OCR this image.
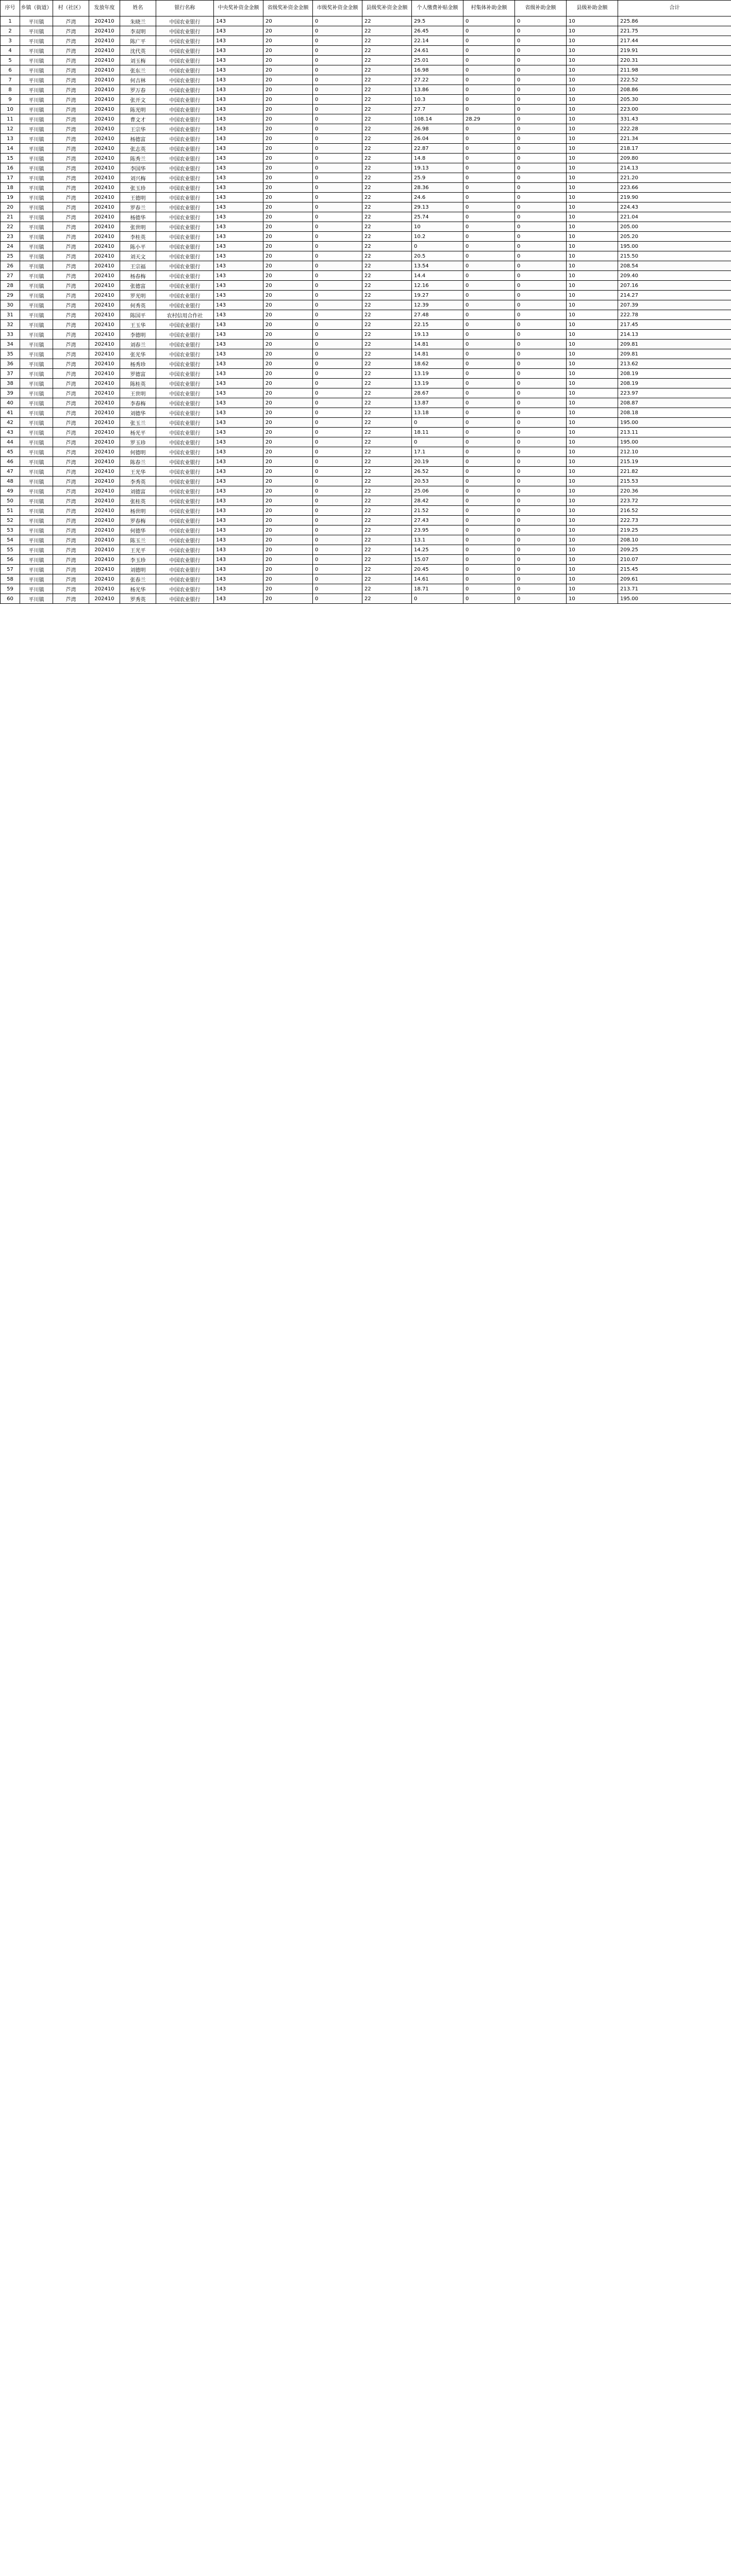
序号	乡镇（街道）	村（社区）	发放年度	姓名	银行名称	中央奖补资金金额	省级奖补资金金额	市级奖补资金金额	县级奖补资金金额	个人缴费补贴金额	村集体补助金额	省级补助金额	县级补助金额	合计
1	平川镇	芦湾	202410	朱晓兰	中国农业银行	143	20	0	22	29.5	0	0	10	225.86
2	平川镇	芦湾	202410	李双明	中国农业银行	143	20	0	22	26.45	0	0	10	221.75
3	平川镇	芦湾	202410	陈广平	中国农业银行	143	20	0	22	22.14	0	0	10	217.44
4	平川镇	芦湾	202410	沈代英	中国农业银行	143	20	0	22	24.61	0	0	10	219.91
5	平川镇	芦湾	202410	刘玉梅	中国农业银行	143	20	0	22	25.01	0	0	10	220.31
6	平川镇	芦湾	202410	张东兰	中国农业银行	143	20	0	22	16.98	0	0	10	211.98
7	平川镇	芦湾	202410	何吉林	中国农业银行	143	20	0	22	27.22	0	0	10	222.52
8	平川镇	芦湾	202410	罗万春	中国农业银行	143	20	0	22	13.86	0	0	10	208.86
9	平川镇	芦湾	202410	张开文	中国农业银行	143	20	0	22	10.3	0	0	10	205.30
10	平川镇	芦湾	202410	陈光明	中国农业银行	143	20	0	22	27.7	0	0	10	223.00
11	平川镇	芦湾	202410	曹文才	中国农业银行	143	20	0	22	108.14	28.29	0	10	331.43
12	平川镇	芦湾	202410	王宗华	中国农业银行	143	20	0	22	26.98	0	0	10	222.28
13	平川镇	芦湾	202410	杨德富	中国农业银行	143	20	0	22	26.04	0	0	10	221.34
14	平川镇	芦湾	202410	张志英	中国农业银行	143	20	0	22	22.87	0	0	10	218.17
15	平川镇	芦湾	202410	陈秀兰	中国农业银行	143	20	0	22	14.8	0	0	10	209.80
16	平川镇	芦湾	202410	李国华	中国农业银行	143	20	0	22	19.13	0	0	10	214.13
17	平川镇	芦湾	202410	刘兴梅	中国农业银行	143	20	0	22	25.9	0	0	10	221.20
18	平川镇	芦湾	202410	张玉珍	中国农业银行	143	20	0	22	28.36	0	0	10	223.66
19	平川镇	芦湾	202410	王德明	中国农业银行	143	20	0	22	24.6	0	0	10	219.90
20	平川镇	芦湾	202410	罗春兰	中国农业银行	143	20	0	22	29.13	0	0	10	224.43
21	平川镇	芦湾	202410	杨德华	中国农业银行	143	20	0	22	25.74	0	0	10	221.04
22	平川镇	芦湾	202410	张世明	中国农业银行	143	20	0	22	10	0	0	10	205.00
23	平川镇	芦湾	202410	李桂英	中国农业银行	143	20	0	22	10.2	0	0	10	205.20
24	平川镇	芦湾	202410	陈小平	中国农业银行	143	20	0	22	0	0	0	10	195.00
25	平川镇	芦湾	202410	刘天文	中国农业银行	143	20	0	22	20.5	0	0	10	215.50
26	平川镇	芦湾	202410	王宗福	中国农业银行	143	20	0	22	13.54	0	0	10	208.54
27	平川镇	芦湾	202410	杨春梅	中国农业银行	143	20	0	22	14.4	0	0	10	209.40
28	平川镇	芦湾	202410	张德富	中国农业银行	143	20	0	22	12.16	0	0	10	207.16
29	平川镇	芦湾	202410	罗光明	中国农业银行	143	20	0	22	19.27	0	0	10	214.27
30	平川镇	芦湾	202410	何秀英	中国农业银行	143	20	0	22	12.39	0	0	10	207.39
31	平川镇	芦湾	202410	陈国平	农村信用合作社	143	20	0	22	27.48	0	0	10	222.78
32	平川镇	芦湾	202410	王玉华	中国农业银行	143	20	0	22	22.15	0	0	10	217.45
33	平川镇	芦湾	202410	李德明	中国农业银行	143	20	0	22	19.13	0	0	10	214.13
34	平川镇	芦湾	202410	刘春兰	中国农业银行	143	20	0	22	14.81	0	0	10	209.81
35	平川镇	芦湾	202410	张光华	中国农业银行	143	20	0	22	14.81	0	0	10	209.81
36	平川镇	芦湾	202410	杨秀珍	中国农业银行	143	20	0	22	18.62	0	0	10	213.62
37	平川镇	芦湾	202410	罗德富	中国农业银行	143	20	0	22	13.19	0	0	10	208.19
38	平川镇	芦湾	202410	陈桂英	中国农业银行	143	20	0	22	13.19	0	0	10	208.19
39	平川镇	芦湾	202410	王世明	中国农业银行	143	20	0	22	28.67	0	0	10	223.97
40	平川镇	芦湾	202410	李春梅	中国农业银行	143	20	0	22	13.87	0	0	10	208.87
41	平川镇	芦湾	202410	刘德华	中国农业银行	143	20	0	22	13.18	0	0	10	208.18
42	平川镇	芦湾	202410	张玉兰	中国农业银行	143	20	0	22	0	0	0	10	195.00
43	平川镇	芦湾	202410	杨光平	中国农业银行	143	20	0	22	18.11	0	0	10	213.11
44	平川镇	芦湾	202410	罗玉珍	中国农业银行	143	20	0	22	0	0	0	10	195.00
45	平川镇	芦湾	202410	何德明	中国农业银行	143	20	0	22	17.1	0	0	10	212.10
46	平川镇	芦湾	202410	陈春兰	中国农业银行	143	20	0	22	20.19	0	0	10	215.19
47	平川镇	芦湾	202410	王光华	中国农业银行	143	20	0	22	26.52	0	0	10	221.82
48	平川镇	芦湾	202410	李秀英	中国农业银行	143	20	0	22	20.53	0	0	10	215.53
49	平川镇	芦湾	202410	刘德富	中国农业银行	143	20	0	22	25.06	0	0	10	220.36
50	平川镇	芦湾	202410	张桂英	中国农业银行	143	20	0	22	28.42	0	0	10	223.72
51	平川镇	芦湾	202410	杨世明	中国农业银行	143	20	0	22	21.52	0	0	10	216.52
52	平川镇	芦湾	202410	罗春梅	中国农业银行	143	20	0	22	27.43	0	0	10	222.73
53	平川镇	芦湾	202410	何德华	中国农业银行	143	20	0	22	23.95	0	0	10	219.25
54	平川镇	芦湾	202410	陈玉兰	中国农业银行	143	20	0	22	13.1	0	0	10	208.10
55	平川镇	芦湾	202410	王光平	中国农业银行	143	20	0	22	14.25	0	0	10	209.25
56	平川镇	芦湾	202410	李玉珍	中国农业银行	143	20	0	22	15.07	0	0	10	210.07
57	平川镇	芦湾	202410	刘德明	中国农业银行	143	20	0	22	20.45	0	0	10	215.45
58	平川镇	芦湾	202410	张春兰	中国农业银行	143	20	0	22	14.61	0	0	10	209.61
59	平川镇	芦湾	202410	杨光华	中国农业银行	143	20	0	22	18.71	0	0	10	213.71
60	平川镇	芦湾	202410	罗秀英	中国农业银行	143	20	0	22	0	0	0	10	195.00
